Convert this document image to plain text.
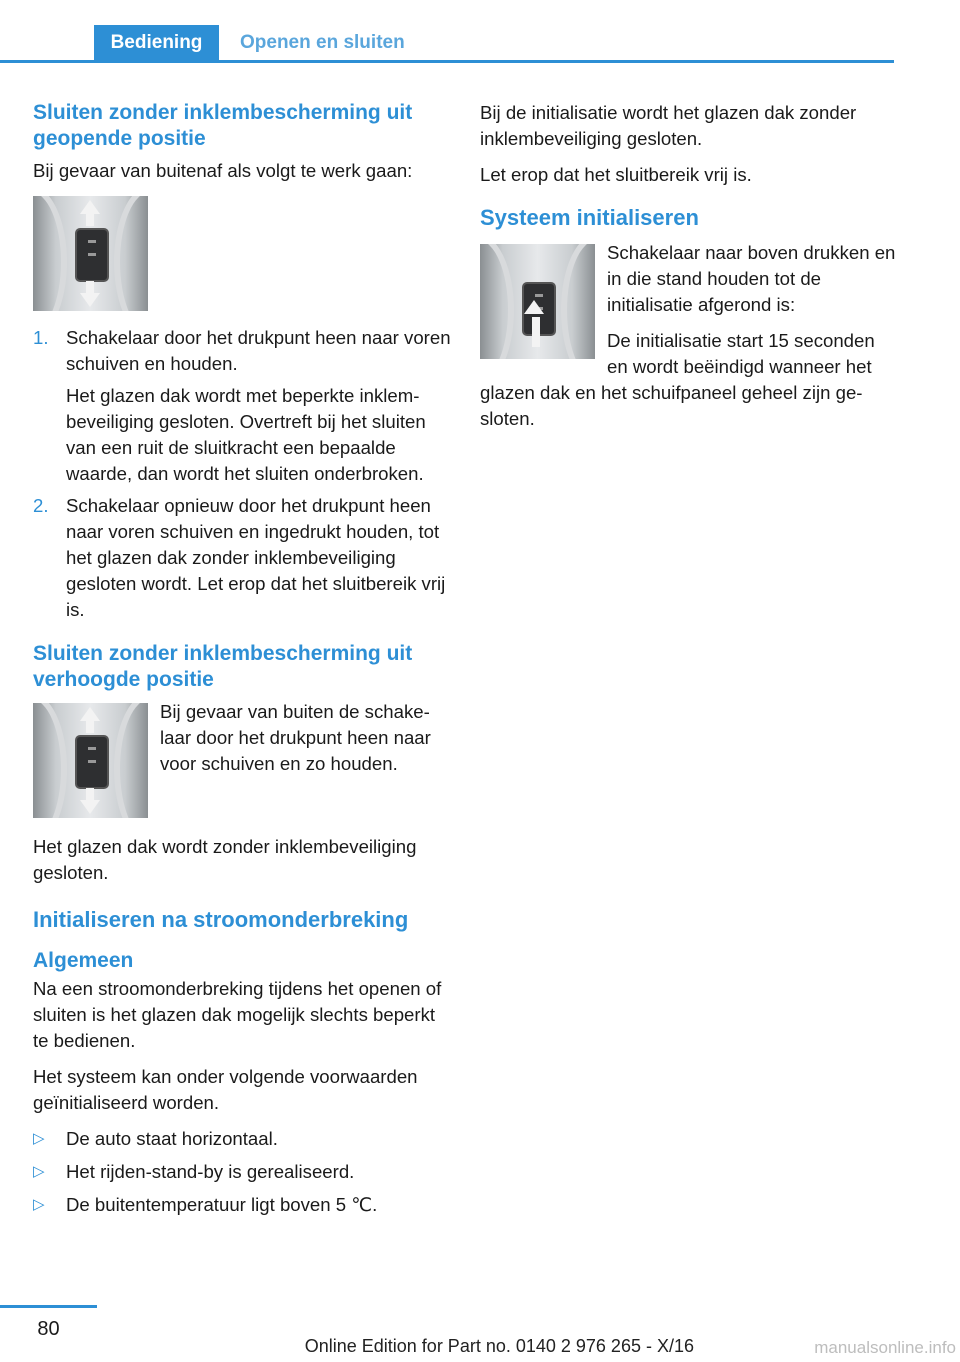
Bediening	Openen en sluiten
Sluiten zonder inklembescherming uit geopende positie

Bij gevaar van buitenaf als volgt te werk gaan:

1. Schakelaar door het drukpunt heen naar voren schuiven en houden.

Het glazen dak wordt met beperkte inklembeveiliging gesloten. Overtreft bij het sluiten van een ruit de sluitkracht een bepaalde waarde, dan wordt het sluiten onderbroken.

2. Schakelaar opnieuw door het drukpunt heen naar voren schuiven en ingedrukt houden, tot het glazen dak zonder inklembeveiliging gesloten wordt. Let erop dat het sluitbereik vrij is.

Sluiten zonder inklembescherming uit verhoogde positie

Bij gevaar van buiten de schakelaar door het drukpunt heen naar voor schuiven en zo houden.

Het glazen dak wordt zonder inklembeveiliging gesloten.

Initialiseren na stroomonderbreking
Algemeen

Na een stroomonderbreking tijdens het openen of sluiten is het glazen dak mogelijk slechts beperkt te bedienen.

Het systeem kan onder volgende voorwaarden geïnitialiseerd worden.

▷ De auto staat horizontaal.
▷ Het rijden-stand-by is gerealiseerd.
▷ De buitentemperatuur ligt boven 5 ℃.

Bij de initialisatie wordt het glazen dak zonder inklembeveiliging gesloten.

Let erop dat het sluitbereik vrij is.

Systeem initialiseren

Schakelaar naar boven drukken en in die stand houden tot de initialisatie afgerond is:

De initialisatie start 15 seconden en wordt beëindigd wanneer het glazen dak en het schuifpaneel geheel zijn gesloten.

80
Online Edition for Part no. 0140 2 976 265 - X/16	manualsonline.info
